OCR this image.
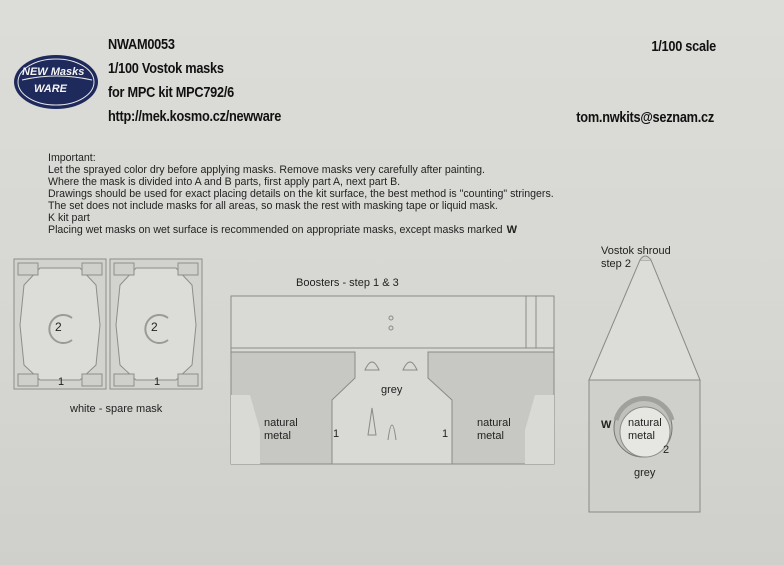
NEW Masks
WARE
NWAM0053
1/100 Vostok masks
for MPC kit MPC792/6
http://mek.kosmo.cz/newware
1/100 scale
tom.nwkits@seznam.cz
Important:
Let the sprayed color dry before applying masks. Remove masks very carefully after painting.
Where the mask is divided into A and B parts, first apply part A, next part B.
Drawings should be used for exact placing details on the kit surface, the best method is "counting" stringers.
The set does not include masks for all areas, so mask the rest with masking tape or liquid mask.
K kit part
Placing wet masks on wet surface is recommended on appropriate masks, except masks marked W
2
1
2
1
white - spare mask
Boosters - step 1 & 3
grey
natural
metal	1
natural
metal
1
Vostok shroud
step 2
W natural
metal
2
grey
